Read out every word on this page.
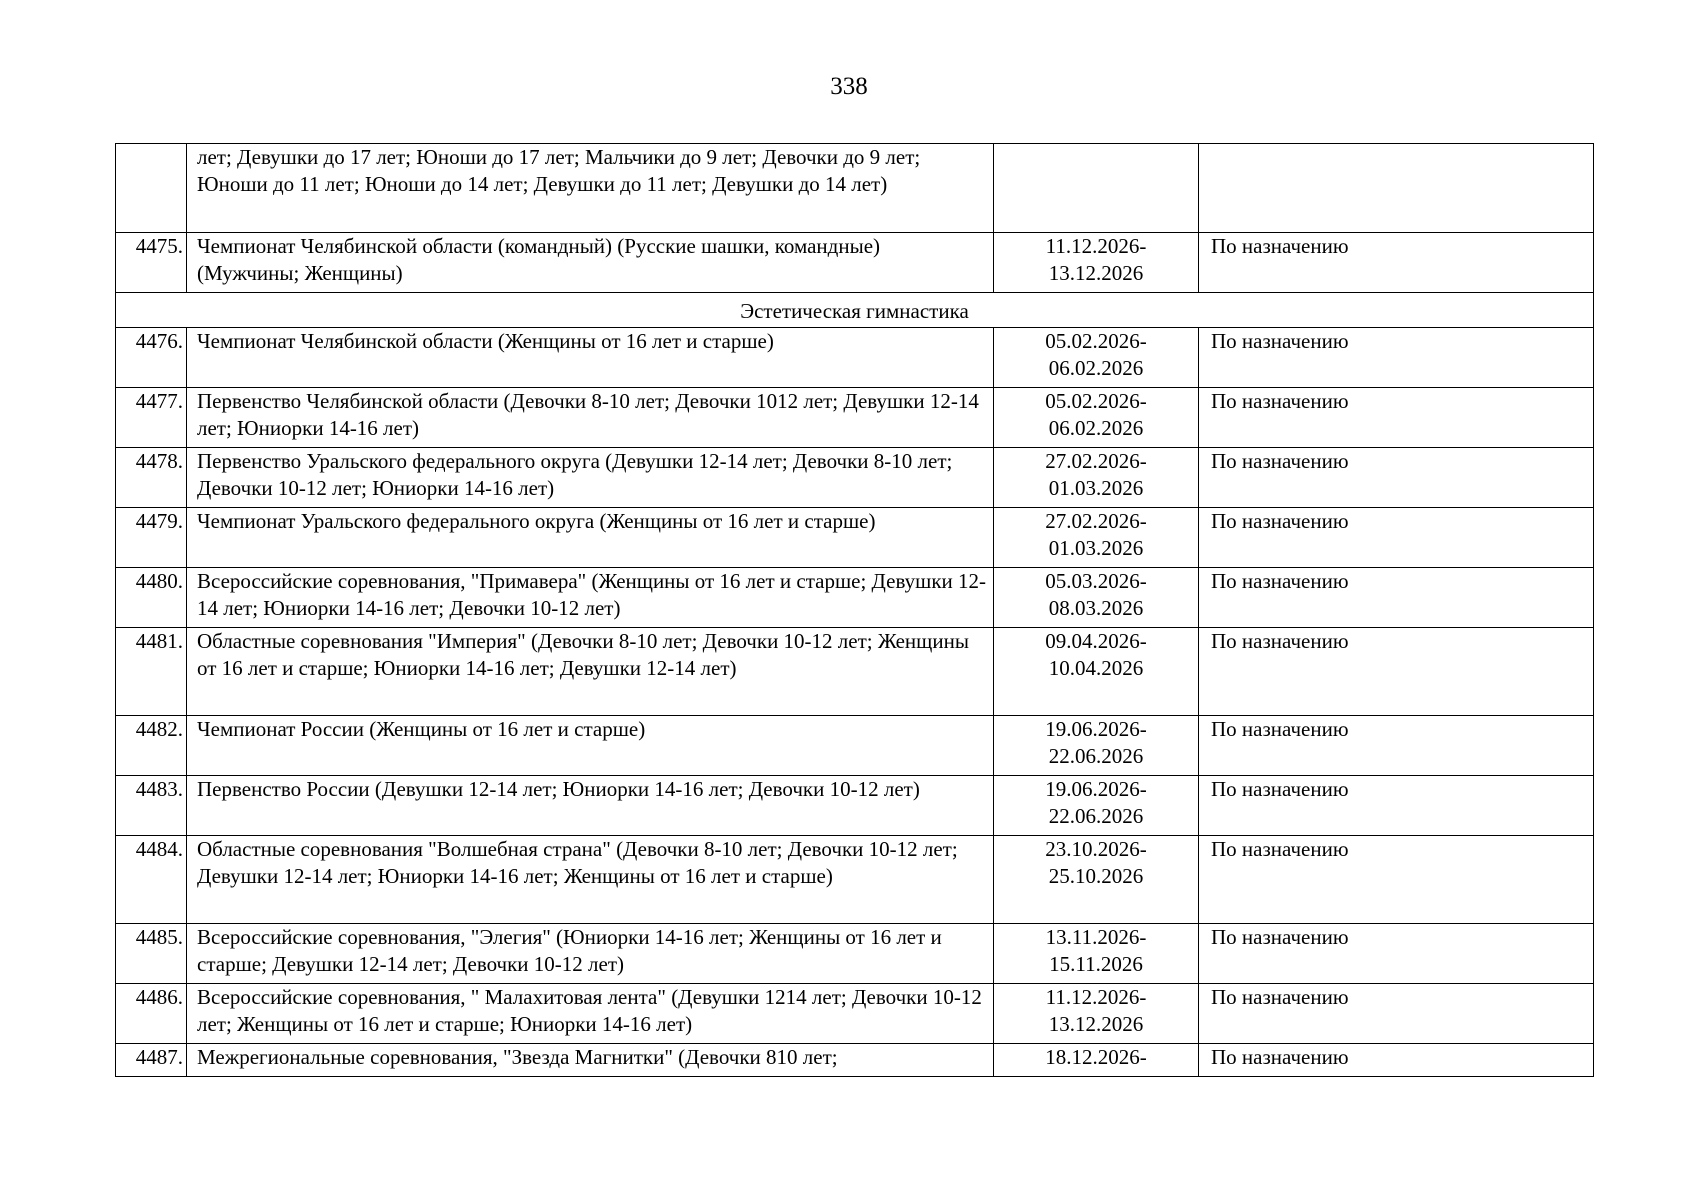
338
	лет; Девушки до 17 лет; Юноши до 17 лет; Мальчики до 9 лет; Девочки до 9 лет; Юноши до 11 лет; Юноши до 14 лет; Девушки до 11 лет; Девушки до 14 лет)		
4475.	Чемпионат Челябинской области (командный) (Русские шашки, командные) (Мужчины; Женщины)	11.12.2026-
13.12.2026	По назначению
Эстетическая гимнастика			
4476.	Чемпионат Челябинской области (Женщины от 16 лет и старше)	05.02.2026-
06.02.2026	По назначению
4477.	Первенство Челябинской области (Девочки 8-10 лет; Девочки 1012 лет; Девушки 12-14 лет; Юниорки 14-16 лет)	05.02.2026-
06.02.2026	По назначению
4478.	Первенство Уральского федерального округа (Девушки 12-14 лет; Девочки 8-10 лет; Девочки 10-12 лет; Юниорки 14-16 лет)	27.02.2026-
01.03.2026	По назначению
4479.	Чемпионат Уральского федерального округа (Женщины от 16 лет и старше)	27.02.2026-
01.03.2026	По назначению
4480.	Всероссийские соревнования, "Примавера" (Женщины от 16 лет и старше; Девушки 12-14 лет; Юниорки 14-16 лет; Девочки 10-12 лет)	05.03.2026-
08.03.2026	По назначению
4481.	Областные соревнования "Империя" (Девочки 8-10 лет; Девочки 10-12 лет; Женщины от 16 лет и старше; Юниорки 14-16 лет; Девушки 12-14 лет)	09.04.2026-
10.04.2026	По назначению
4482.	Чемпионат России (Женщины от 16 лет и старше)	19.06.2026-
22.06.2026	По назначению
4483.	Первенство России (Девушки 12-14 лет; Юниорки 14-16 лет; Девочки 10-12 лет)	19.06.2026-
22.06.2026	По назначению
4484.	Областные соревнования "Волшебная страна" (Девочки 8-10 лет; Девочки 10-12 лет; Девушки 12-14 лет; Юниорки 14-16 лет; Женщины от 16 лет и старше)	23.10.2026-
25.10.2026	По назначению
4485.	Всероссийские соревнования, "Элегия" (Юниорки 14-16 лет; Женщины от 16 лет и старше; Девушки 12-14 лет; Девочки 10-12 лет)	13.11.2026-
15.11.2026	По назначению
4486.	Всероссийские соревнования, " Малахитовая лента" (Девушки 1214 лет; Девочки 10-12 лет; Женщины от 16 лет и старше; Юниорки 14-16 лет)	11.12.2026-
13.12.2026	По назначению
4487.	Межрегиональные соревнования, "Звезда Магнитки" (Девочки 810 лет;	18.12.2026-	По назначению
